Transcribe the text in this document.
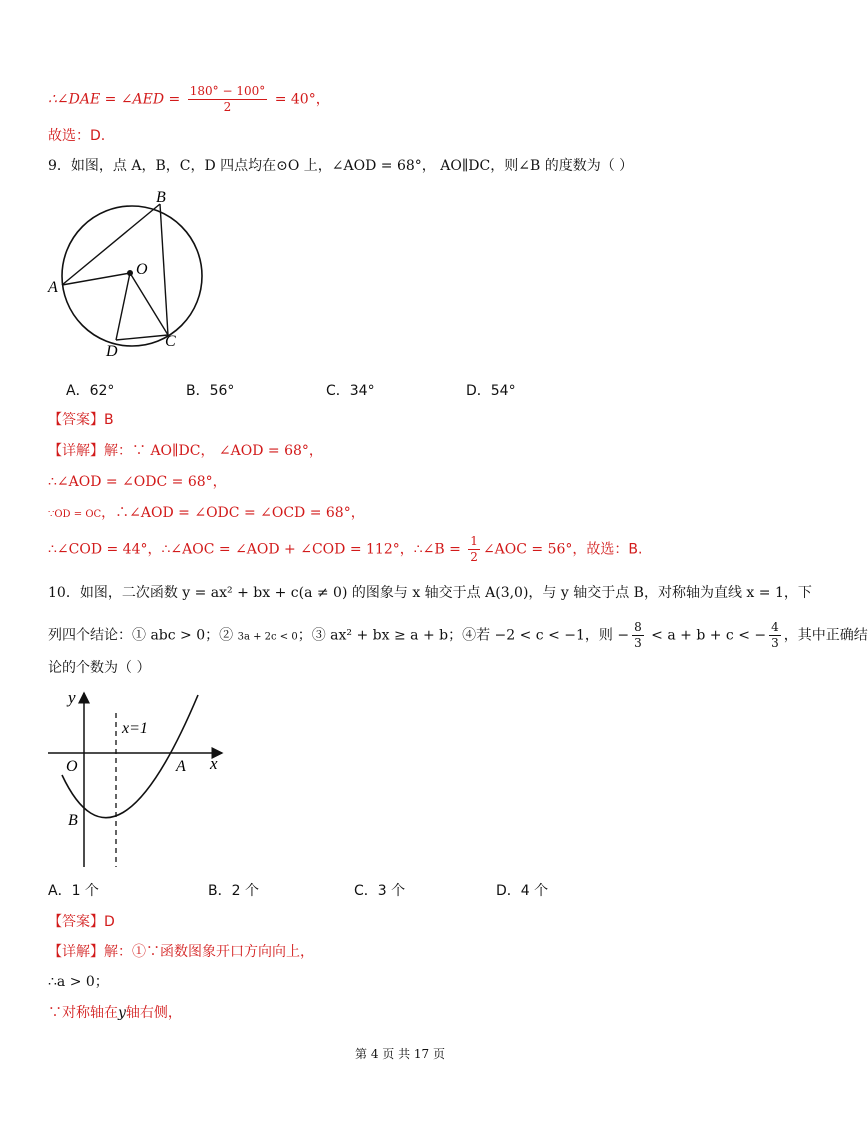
∴∠DAE = ∠AED = $\frac{180^\circ - 100^\circ}{2} = 40^\circ$，
故选：D.
9．如图，点 A，B，C，D 四点均在⊙O 上，∠AOD = 68°， AO∥DC，则∠B 的度数为（ ）
B
O
A
C
D
A．62°	B．56°	C．34°	D．54°
【答案】B
【详解】解：∵ AO∥DC， ∠AOD = 68°，
∴∠AOD = ∠ODC = 68°，
∵OD = OC，∴∠AOD = ∠ODC = ∠OCD = 68°，
∴∠COD = 44°，∴∠AOC = ∠AOD + ∠COD = 112°，∴∠B = $\frac{1}{2}$ ∠AOC = 56°，故选：B.
10．如图，二次函数 y = ax² + bx + c(a ≠ 0) 的图象与 x 轴交于点 A(3,0)，与 y 轴交于点 B，对称轴为直线 x = 1，下
列四个结论：① abc > 0；② 3a + 2c < 0；③ ax² + bx ≥ a + b；④若 −2 < c < −1，则 − $\frac{8}{3} < a + b + c$ < − $\frac{4}{3}$ ，其中正确结
论的个数为（ ）
y
x=1
O	A x
B
A．1 个	B．2 个	C．3 个	D．4 个
【答案】D
【详解】解：①∵函数图象开口方向向上，
∴a > 0；
∵对称轴在y轴右侧，
第 4 页 共 17 页
